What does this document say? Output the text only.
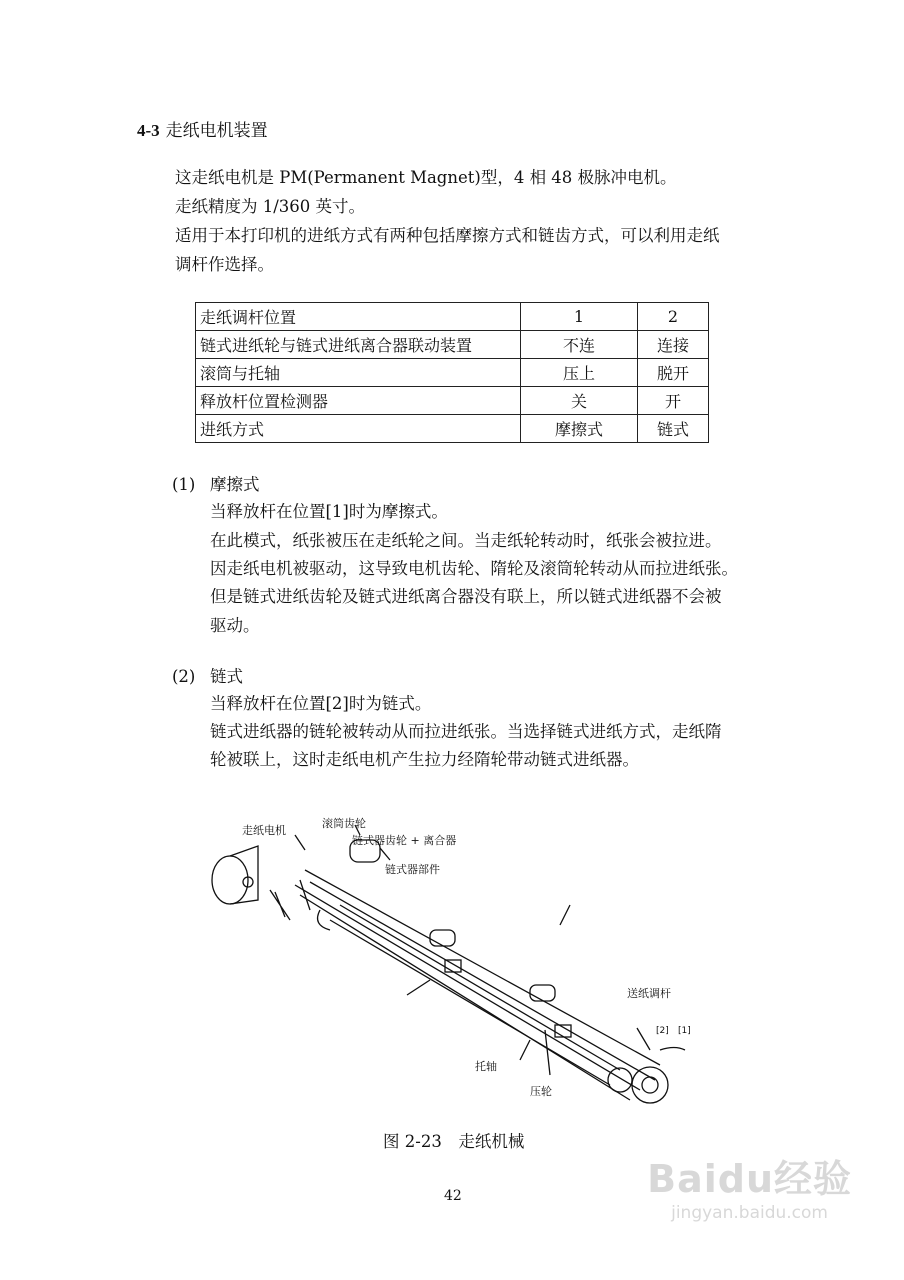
4-3 走纸电机装置
这走纸电机是 PM(Permanent Magnet)型，4 相 48 极脉冲电机。
走纸精度为 1/360 英寸。
适用于本打印机的进纸方式有两种包括摩擦方式和链齿方式，可以利用走纸
调杆作选择。
走纸调杆位置	1	2
链式进纸轮与链式进纸离合器联动装置	不连	连接
滚筒与托轴	压上	脱开
释放杆位置检测器	关	开
进纸方式	摩擦式	链式
(1) 摩擦式
当释放杆在位置[1]时为摩擦式。
在此模式，纸张被压在走纸轮之间。当走纸轮转动时，纸张会被拉进。
因走纸电机被驱动，这导致电机齿轮、隋轮及滚筒轮转动从而拉进纸张。
但是链式进纸齿轮及链式进纸离合器没有联上，所以链式进纸器不会被
驱动。
(2) 链式
当释放杆在位置[2]时为链式。
链式进纸器的链轮被转动从而拉进纸张。当选择链式进纸方式，走纸隋
轮被联上，这时走纸电机产生拉力经隋轮带动链式进纸器。
走纸电机
滚筒齿轮
链式器齿轮 + 离合器
链式器部件
送纸调杆
[2] [1]
托轴
压轮
图 2-23　走纸机械
42	Baidu经验
jingyan.baidu.com
